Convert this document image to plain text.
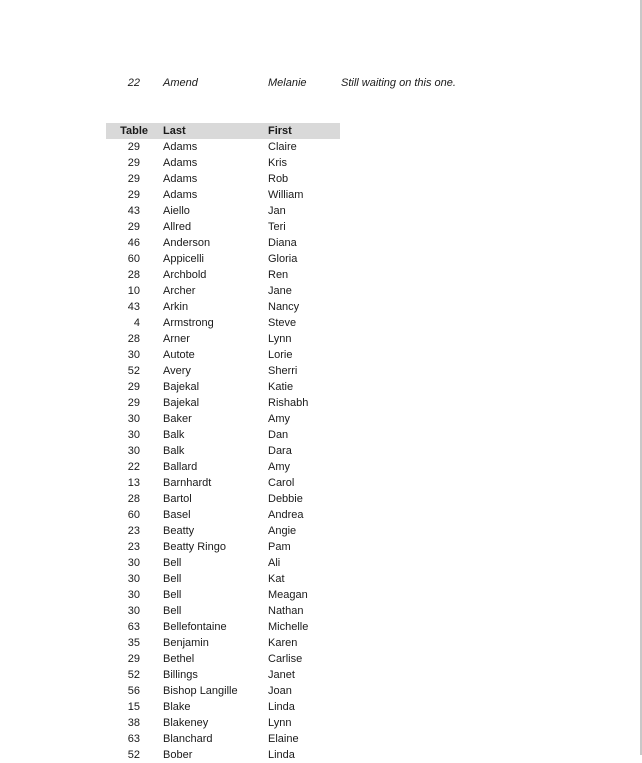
22 Amend	Melanie	Still waiting on this one.
Table Last	First
29 Adams	Claire
29 Adams	Kris
29 Adams	Rob
29 Adams	William
43 Aiello	Jan
29 Allred	Teri
46 Anderson	Diana
60 Appicelli	Gloria
28 Archbold	Ren
10 Archer	Jane
43 Arkin	Nancy
4 Armstrong	Steve
28 Arner	Lynn
30 Autote	Lorie
52 Avery	Sherri
29 Bajekal	Katie
29 Bajekal	Rishabh
30 Baker	Amy
30 Balk	Dan
30 Balk	Dara
22 Ballard	Amy
13 Barnhardt	Carol
28 Bartol	Debbie
60 Basel	Andrea
23 Beatty	Angie
23 Beatty Ringo	Pam
30 Bell	Ali
30 Bell	Kat
30 Bell	Meagan
30 Bell	Nathan
63 Bellefontaine	Michelle
35 Benjamin	Karen
29 Bethel	Carlise
52 Billings	Janet
56 Bishop Langille	Joan
15 Blake	Linda
38 Blakeney	Lynn
63 Blanchard	Elaine
52 Bober	Linda
